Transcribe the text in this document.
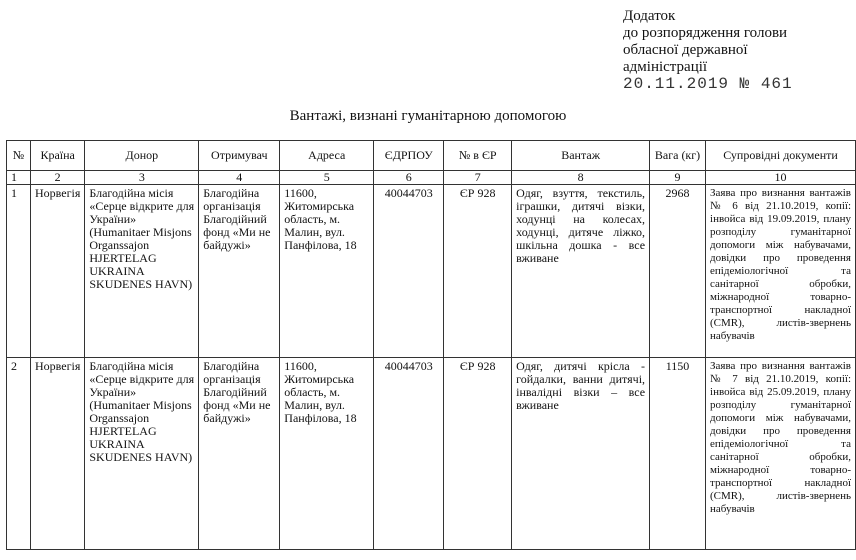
Додаток
до розпорядження голови
обласної державної
адміністрації
20.11.2019 № 461
Вантажі, визнані гуманітарною допомогою
№	Країна	Донор	Отримувач	Адреса	ЄДРПОУ	№ в ЄР	Вантаж	Вага (кг)	Супровідні документи
1	2	3	4	5	6	7	8	9	10
1	Норвегія	Благодійна місія «Серце відкрите для України» (Humanitaer Misjons Organssajon HJERTELAG UKRAINA SKUDENES HAVN)	Благодійна організація Благодійний фонд «Ми не байдужі»	11600, Житомирська область, м. Малин, вул. Панфілова, 18	40044703	ЄР 928	Одяг, взуття, текстиль, іграшки, дитячі візки, ходунці на колесах, ходунці, дитяче ліжко, шкільна дошка - все вживане	2968	Заява про визнання вантажів № 6 від 21.10.2019, копії: інвойса від 19.09.2019, плану розподілу гуманітарної допомоги між набувачами, довідки про проведення епідеміологічної та санітарної обробки, міжнародної товарно-транспортної накладної (CMR), листів-звернень набувачів
2	Норвегія	Благодійна місія «Серце відкрите для України» (Humanitaer Misjons Organssajon HJERTELAG UKRAINA SKUDENES HAVN)	Благодійна організація Благодійний фонд «Ми не байдужі»	11600, Житомирська область, м. Малин, вул. Панфілова, 18	40044703	ЄР 928	Одяг, дитячі крісла - гойдалки, ванни дитячі, інвалідні візки – все вживане	1150	Заява про визнання вантажів № 7 від 21.10.2019, копії: інвойса від 25.09.2019, плану розподілу гуманітарної допомоги між набувачами, довідки про проведення епідеміологічної та санітарної обробки, міжнародної товарно-транспортної накладної (CMR), листів-звернень набувачів
